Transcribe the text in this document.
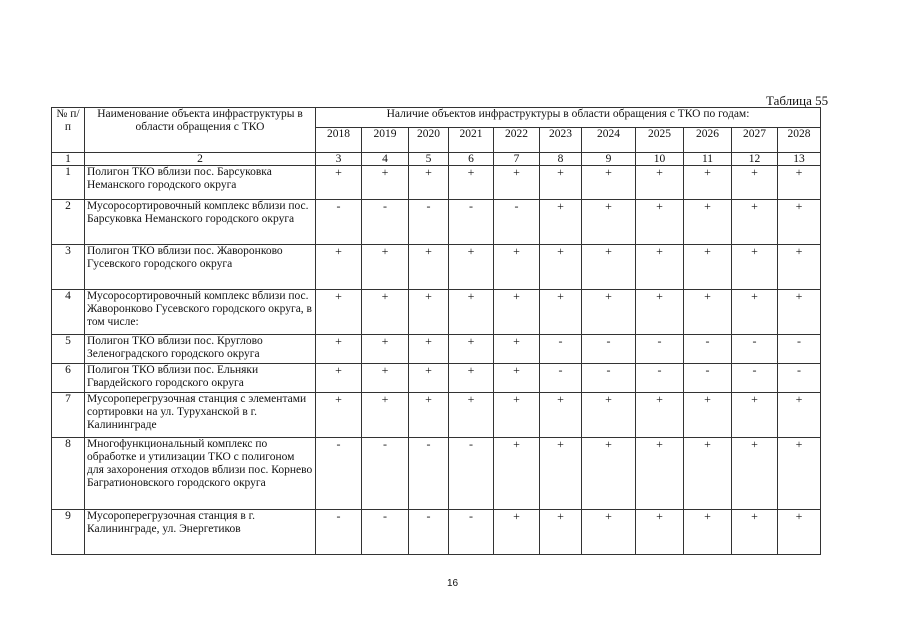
Таблица 55
№ п/п	Наименование объекта инфраструктуры в области обращения с ТКО	Наличие объектов инфраструктуры в области обращения с ТКО по годам:										
		2018	2019	2020	2021	2022	2023	2024	2025	2026	2027	2028
1	2	3	4	5	6	7	8	9	10	11	12	13
1	Полигон ТКО вблизи пос. Барсуковка Неманского городского округа	+	+	+	+	+	+	+	+	+	+	+
2	Мусоросортировочный комплекс вблизи пос. Барсуковка Неманского городского округа	-	-	-	-	-	+	+	+	+	+	+
3	Полигон ТКО вблизи пос. Жаворонково Гусевского городского округа	+	+	+	+	+	+	+	+	+	+	+
4	Мусоросортировочный комплекс вблизи пос. Жаворонково Гусевского городского округа, в том числе:	+	+	+	+	+	+	+	+	+	+	+
5	Полигон ТКО вблизи пос. Круглово Зеленоградского городского округа	+	+	+	+	+	-	-	-	-	-	-
6	Полигон ТКО вблизи пос. Ельняки Гвардейского городского округа	+	+	+	+	+	-	-	-	-	-	-
7	Мусороперегрузочная станция с элементами сортировки на ул. Туруханской в г. Калининграде	+	+	+	+	+	+	+	+	+	+	+
8	Многофункциональный комплекс по обработке и утилизации ТКО с полигоном для захоронения отходов вблизи пос. Корнево Багратионовского городского округа	-	-	-	-	+	+	+	+	+	+	+
9	Мусороперегрузочная станция в г. Калининграде, ул. Энергетиков	-	-	-	-	+	+	+	+	+	+	+
16
